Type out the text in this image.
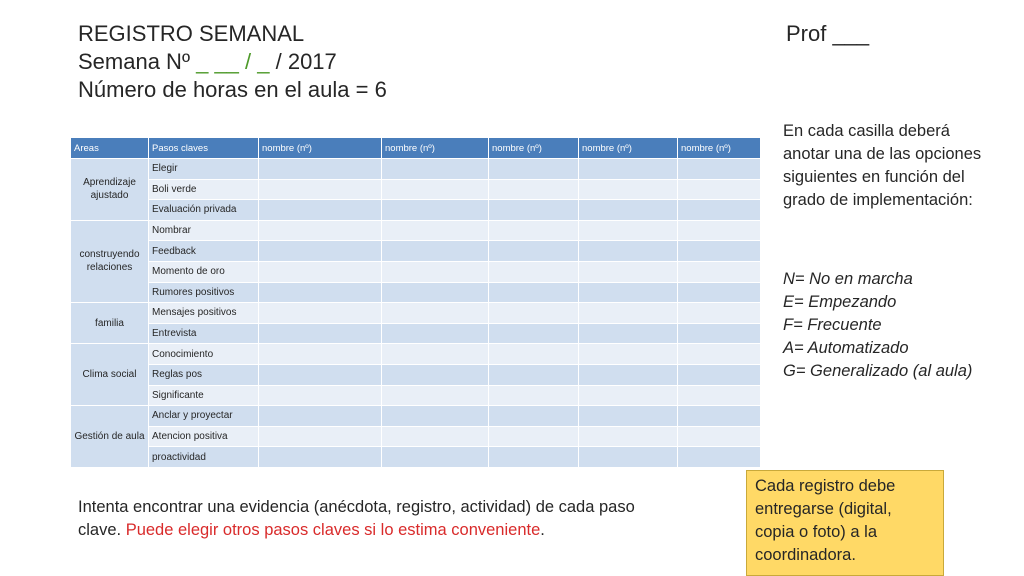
REGISTRO SEMANAL	Prof ___
Semana Nº _ __ / _ / 2017
Número de horas en el aula = 6
Areas	Pasos claves	nombre (nº)	nombre (nº)	nombre (nº)	nombre (nº)	nombre (nº)
Aprendizaje ajustado	Elegir					
	Boli verde					
	Evaluación privada					
construyendo relaciones	Nombrar					
	Feedback					
	Momento de oro					
	Rumores positivos					
familia	Mensajes positivos					
	Entrevista					
Clima social	Conocimiento					
	Reglas pos					
	Significante					
Gestión de aula	Anclar y proyectar					
	Atencion positiva					
	proactividad					
En cada casilla deberá anotar una de las opciones siguientes en función del grado de implementación:
N= No en marcha
E= Empezando
F= Frecuente
A= Automatizado
G= Generalizado (al aula)
Intenta encontrar una evidencia (anécdota, registro, actividad) de cada paso clave. Puede elegir otros pasos claves si lo estima conveniente.
Cada registro debe entregarse (digital, copia o foto) a la coordinadora.
